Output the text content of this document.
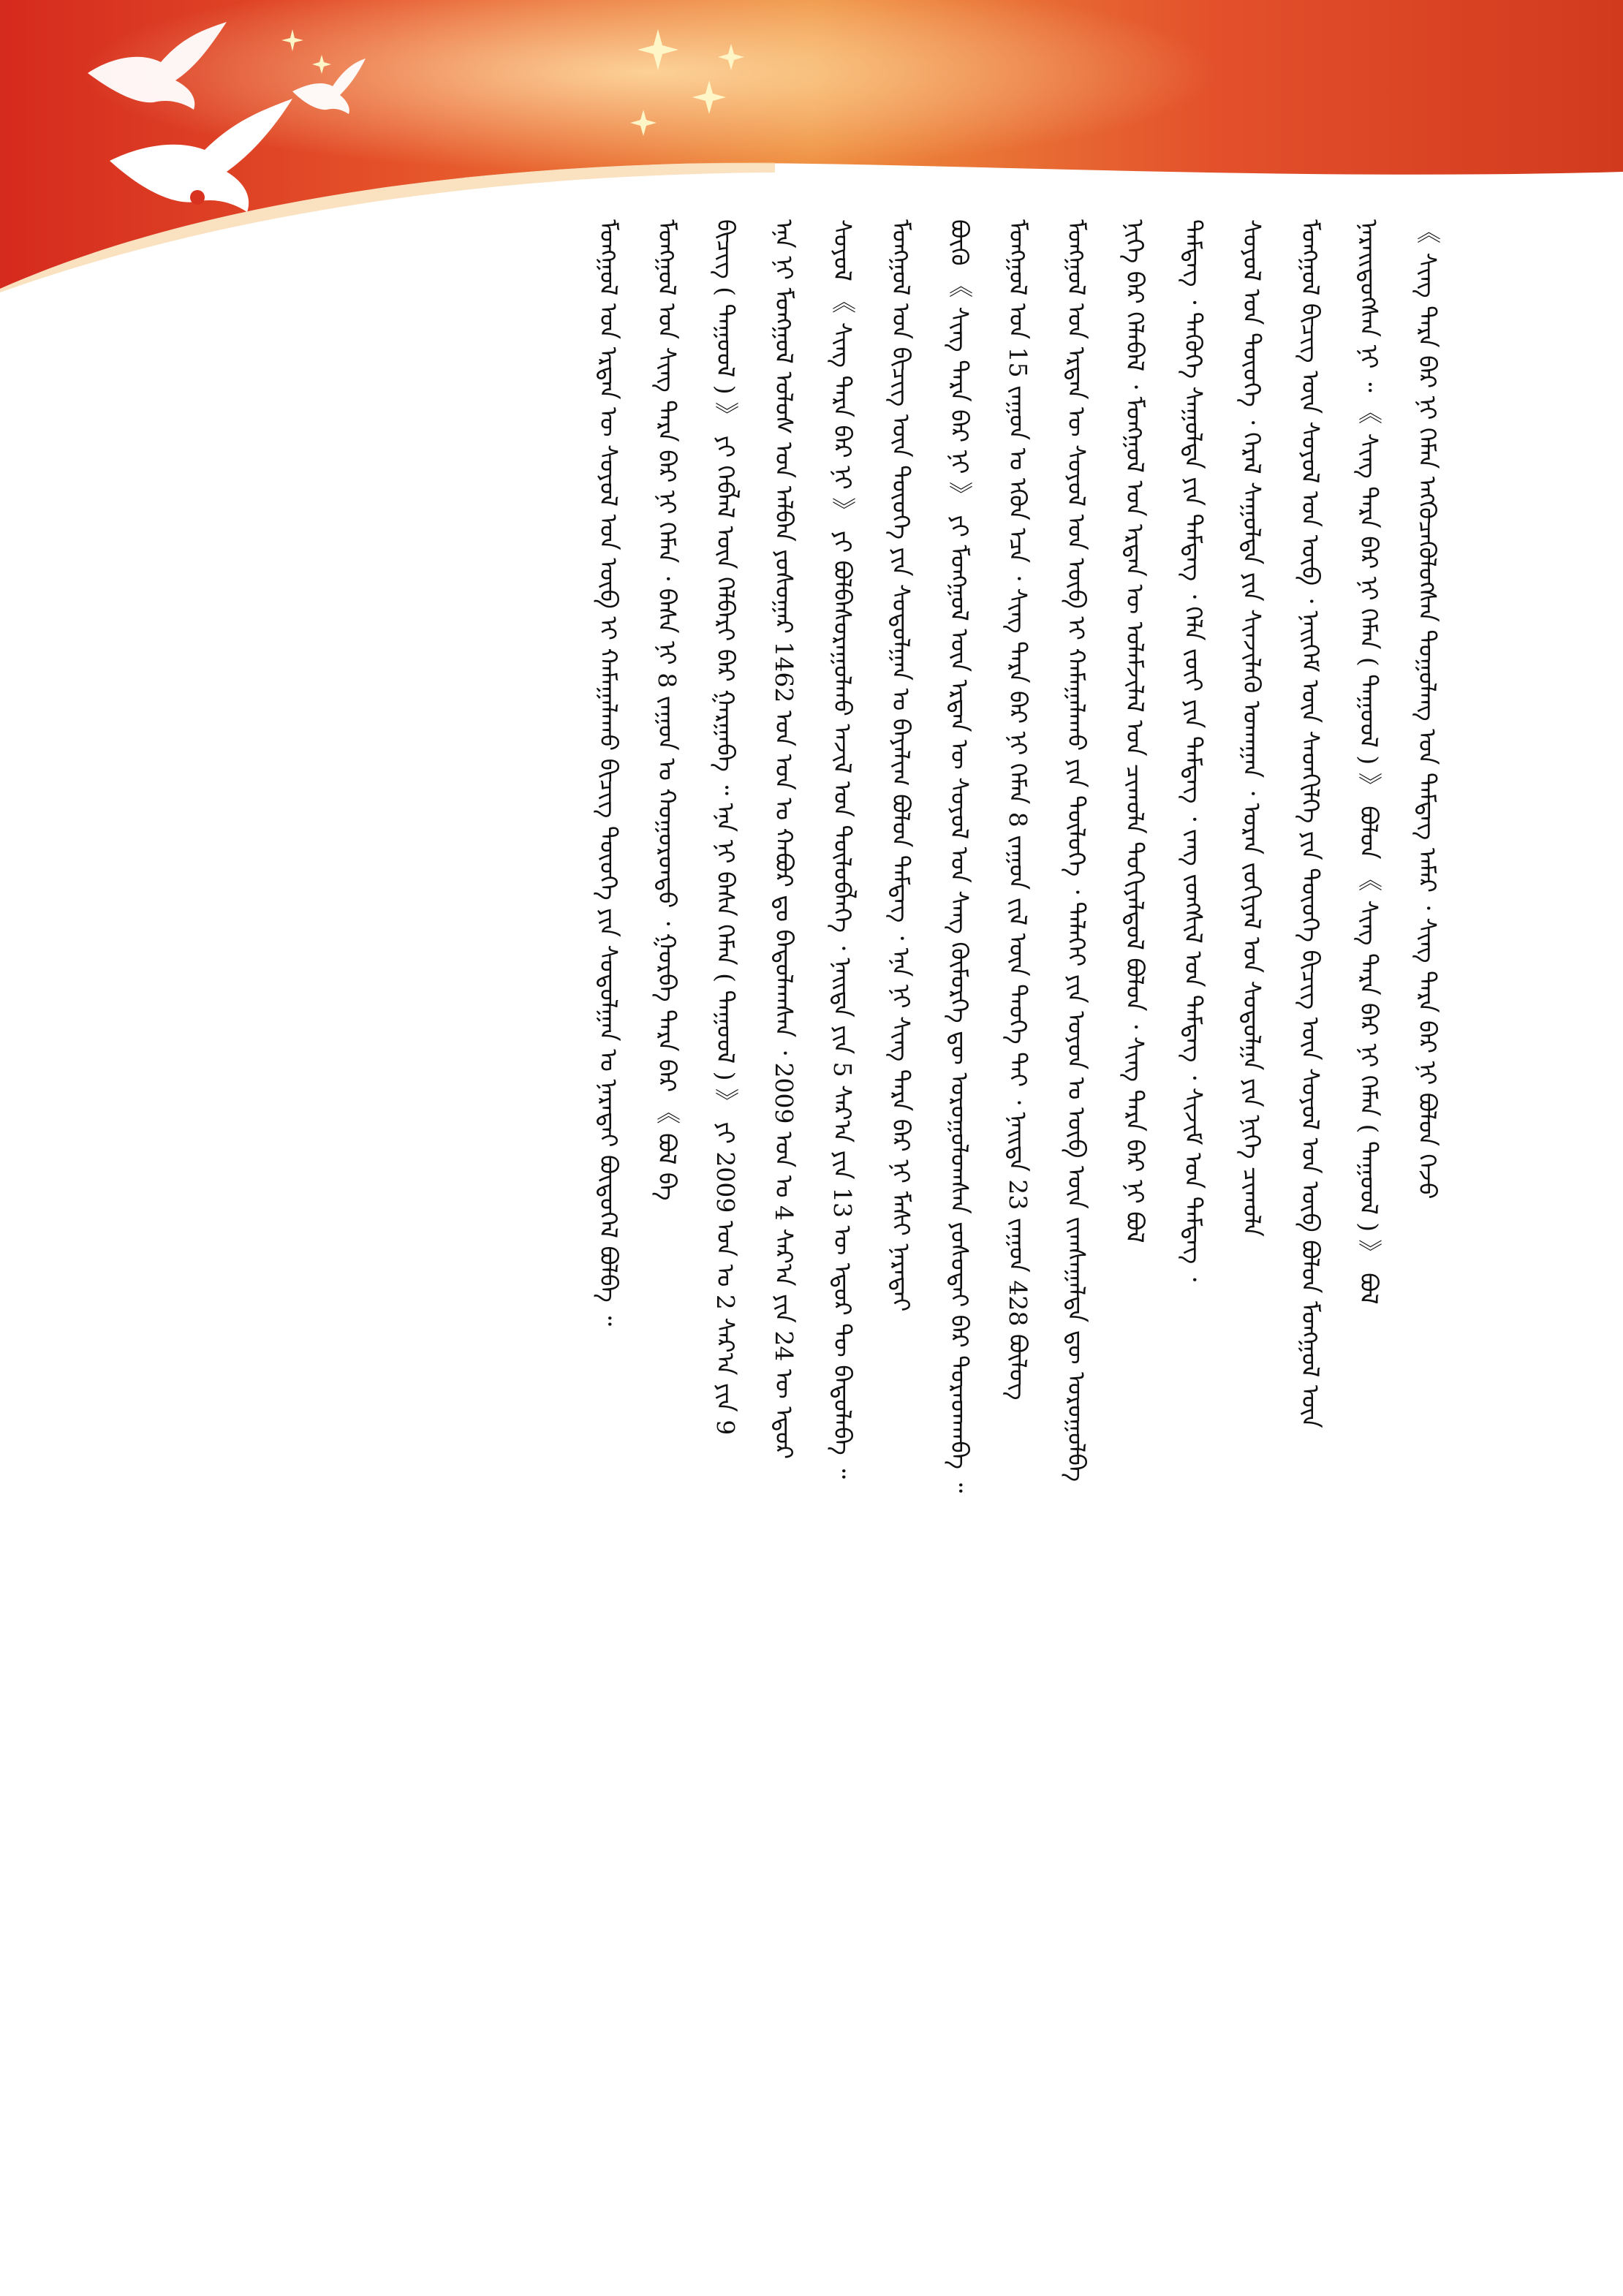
《 ᠰᠢᠩ ᠲᠡᠷᠡ ᠪᠠᠷ ᠨᠢ ᠬᠡᠮᠡᠨ ᠡᠩᠭᠦᠴᠡᠭᠦᠯᠦᠭᠰᠡᠨ ᠳᠣᠭᠤᠯᠠᠩ ᠤᠨ ᠲᠡᠮᠳᠡᠭ ᠠᠮᠠᠷ ᠂ ᠰᠢᠩ ᠲᠡᠷᠡ ᠪᠠᠷ ᠨᠢ ᠪᠣᠯᠤᠨ ᠭᠡᠵᠦ
ᠨᠡᠷᠡᠢᠳᠦᠭᠰᠡᠨ ᠨᠢ ᠃ 《 ᠰᠢᠩ ᠲᠡᠷᠡ ᠪᠠᠷ ᠨᠢ ᠬᠡᠮᠡᠨ ( ᠳᠠᠭᠤᠤᠯ ) 》 ᠪᠣᠯᠤᠨ 《 ᠰᠢᠩ ᠲᠡᠷᠡ ᠪᠠᠷ ᠨᠢ ᠬᠡᠮᠡᠨ ( ᠳᠠᠭᠤᠤᠯ ) 》 ᠪᠣᠯ
ᠮᠣᠩᠭᠣᠯ ᠪᠢᠴᠢᠭ ᠦᠨ ᠰᠣᠶᠣᠯ ᠤᠨ ᠦᠪ ᠂ ᠨᠡᠢᠭᠡᠮ ᠦᠨ ᠰᠡᠳᠬᠢᠯᠭᠡ ᠶᠢᠨ ᠲᠦᠦᠬᠡ ᠪᠢᠴᠢᠭ ᠦᠨ ᠰᠣᠶᠣᠯ ᠤᠨ ᠦᠪ ᠪᠣᠯᠤᠨ ᠮᠣᠩᠭᠣᠯ ᠦᠨ
ᠰᠣᠶᠣᠯ ᠤᠨ ᠲᠦᠦᠬᠡ ᠂ ᠭᠡᠷᠡᠯ ᠰᠠᠭᠤᠯᠲᠠ ᠶᠢᠨ ᠰᠢᠨᠵᠢᠯᠡᠬᠦ ᠤᠬᠠᠭᠠᠨ ᠂ ᠤᠷᠠᠨ ᠵᠣᠬᠢᠶᠠᠯ ᠤᠨ ᠰᠤᠳᠤᠯᠭᠠ ᠶᠢᠨ ᠨᠢᠭᠡ ᠴᠢᠬᠤᠯᠠ
ᠲᠡᠮᠳᠡᠭ ᠂ ᠲᠡᠭᠦᠬᠡ ᠰᠠᠭᠤᠯᠲᠠ ᠶᠢᠨ ᠲᠡᠮᠳᠡᠭ ᠂ ᠬᠡᠯᠡ ᠵᠦᠢ ᠶᠢᠨ ᠲᠡᠮᠳᠡᠭ ᠂ ᠵᠠᠩ ᠵᠤᠩᠰᠢᠯ ᠤᠨ ᠲᠡᠮᠳᠡᠭ ᠂ ᠰᠢᠵᠢᠮ ᠤᠨ ᠲᠡᠮᠳᠡᠭ ᠂
ᠨᠢᠭᠡ ᠪᠠᠷ ᠬᠡᠯᠡᠪᠡᠯ ᠂ ᠮᠣᠩᠭᠣᠯ ᠤᠨ ᠡᠷᠲᠡᠨ ᠦ ᠤᠯᠠᠮᠵᠢᠯᠠᠯ ᠤᠨ ᠴᠢᠬᠤᠯᠠ ᠲᠣᠬᠢᠶᠠᠯᠳᠤᠯ ᠪᠣᠯᠤᠨ ᠂ ᠰᠢᠩ ᠲᠡᠷᠡ ᠪᠠᠷ ᠨᠢ ᠪᠣᠯ
ᠮᠣᠩᠭᠣᠯ ᠤᠨ ᠡᠷᠲᠡᠨ ᠦ ᠰᠣᠶᠣᠯ ᠤᠨ ᠦᠪ ᠢ ᠬᠠᠮᠠᠭᠠᠯᠠᠬᠤ ᠶᠢᠨ ᠲᠥᠯᠥᠭᠡ ᠂ ᠳᠡᠯᠡᠬᠡᠢ ᠶᠢᠨ ᠣᠶᠤᠨ ᠤ ᠥᠪ ᠦᠨ ᠵᠢᠭᠰᠠᠭᠠᠯᠲᠠ ᠳᠦ ᠣᠷᠣᠭᠤᠯᠪᠠ
ᠮᠣᠩᠭᠣᠯ ᠤᠨ 15 ᠵᠠᠭᠤᠨ ᠤ ᠡᠭᠦᠨ ᠡᠴᠡ ᠂ ᠰᠢᠩ ᠲᠡᠷᠡ ᠪᠠᠷ ᠨᠢ ᠬᠡᠮᠡᠨ 8 ᠵᠠᠭᠤᠨ ᠵᠢᠯ ᠦᠨ ᠲᠡᠦᠬᠡ ᠲᠠᠢ ᠂ ᠨᠡᠢᠲᠡ 23 ᠵᠠᠭᠤᠨ 428 ᠪᠦᠯᠦᠭ
ᠪᠦᠬᠦ 《 ᠰᠢᠩ ᠲᠡᠷᠡ ᠪᠠᠷ ᠨᠢ 》 ᠶᠢ ᠮᠣᠩᠭᠣᠯ ᠦᠨ ᠡᠷᠲᠡᠨ ᠦ ᠰᠣᠶᠣᠯ ᠤᠨ ᠰᠠᠩ ᠬᠥᠮᠥᠷᠭᠡ ᠳᠦ ᠣᠷᠣᠭᠤᠯᠤᠭᠰᠠᠨ ᠶᠣᠰᠣᠲᠠᠢ ᠪᠠᠷ ᠳᠤᠷᠠᠳᠬᠠᠪᠠ ᠃
ᠮᠣᠩᠭᠣᠯ ᠤᠨ ᠪᠢᠴᠢᠭ ᠦᠨ ᠲᠦᠦᠬᠡ ᠶᠢᠨ ᠰᠤᠳᠤᠯᠭᠠᠨ ᠤ ᠪᠠᠶᠠᠯᠢᠭ ᠪᠣᠯᠤᠨ ᠲᠡᠮᠳᠡᠭ ᠂ ᠡᠨᠡ ᠨᠢ ᠰᠢᠩ ᠲᠡᠷᠡ ᠪᠠᠷ ᠨᠢ ᠮᠠᠰᠢ ᠨᠡᠷᠡᠲᠡᠢ
ᠰᠣᠶᠣᠯ 《 ᠰᠢᠩ ᠲᠡᠷᠡ ᠪᠠᠷ ᠨᠢ 》 ᠶᠢ ᠪᠣᠯᠪᠠᠰᠤᠷᠠᠭᠤᠯᠬᠤ ᠠᠵᠢᠯ ᠤᠨ ᠲᠥᠯᠥᠪᠯᠡᠭᠡ ᠂ ᠨᠡᠢᠲᠡ ᠶᠢᠨ 5 ᠰᠠᠷ᠎ᠠ ᠶᠢᠨ 13 ᠦ ᠡᠳᠦᠷ ᠲᠦ ᠪᠠᠲᠤᠯᠠᠪᠠ ᠃
ᠡᠨᠡ ᠨᠢ ᠮᠣᠩᠭᠣᠯ ᠤᠯᠤᠰ ᠤᠨ ᠠᠯᠪᠠᠨ ᠶᠣᠰᠣᠭᠠᠷ 1462 ᠤᠨ ᠣᠨ ᠤ ᠬᠠᠪᠤᠷ ᠳᠤ ᠪᠠᠲᠤᠯᠠᠭᠰᠠᠨ ᠂ 2009 ᠣᠨ ᠤ 4 ᠰᠠᠷ᠎ᠠ ᠶᠢᠨ 24 ᠦ ᠡᠳᠦᠷ
ᠪᠢᠴᠢᠭ ( ᠳᠠᠭᠤᠤᠯ ) 》 ᠶᠢ ᠬᠡᠪᠯᠡᠯ ᠦᠨ ᠬᠡᠯᠪᠡᠷᠢ ᠪᠠᠷ ᠭᠠᠷᠭᠠᠪᠠ ᠃ ᠡᠨᠡ ᠨᠢ ᠪᠠᠰᠠ ᠬᠡᠮᠡᠨ ( ᠳᠠᠭᠤᠤᠯ ) 》 ᠶᠢ 2009 ᠣᠨ ᠤ 2 ᠰᠠᠷ᠎ᠠ ᠶᠢᠨ 9
ᠮᠣᠩᠭᠣᠯ ᠤᠨ ᠰᠢᠩ ᠲᠡᠷᠡ ᠪᠠᠷ ᠨᠢ ᠬᠡᠮᠡᠨ ᠂ ᠪᠠᠰᠠ ᠨᠢ 8 ᠵᠠᠭᠤᠨ ᠤ ᠬᠣᠭᠣᠷᠤᠨᠳᠤ ᠂ ᠭᠤᠷᠪᠠ ᠲᠡᠷᠡ ᠪᠠᠷ 《 ᠪᠣᠯ ᠪᠠ
ᠮᠣᠩᠭᠣᠯ ᠤᠨ ᠡᠷᠲᠡᠨ ᠦ ᠰᠣᠶᠣᠯ ᠤᠨ ᠦᠪ ᠢ ᠬᠠᠮᠠᠭᠠᠯᠠᠬᠤ ᠪᠢᠴᠢᠭ ᠲᠦᠦᠬᠡ ᠶᠢᠨ ᠰᠤᠳᠤᠯᠭᠠᠨ ᠤ ᠨᠡᠷᠡᠲᠡᠢ ᠪᠦᠲᠦᠭᠡᠯ ᠪᠣᠯᠪᠠ ᠃
